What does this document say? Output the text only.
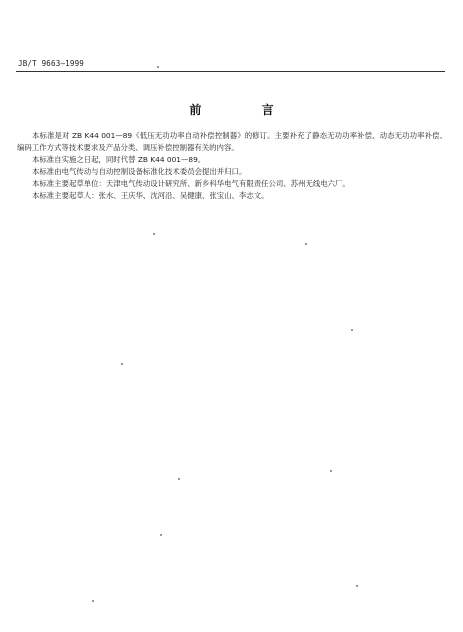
JB/T 9663—1999
前 言

本标准是对 ZB K44 001—89《低压无功功率自动补偿控制器》的修订。主要补充了静态无功功率补偿、动态无功功率补偿、编码工作方式等技术要求及产品分类、调压补偿控制器有关的内容。

本标准自实施之日起，同时代替 ZB K44 001—89。

本标准由电气传动与自动控制设备标准化技术委员会提出并归口。

本标准主要起草单位：天津电气传动设计研究所、新乡科华电气有限责任公司、苏州无线电六厂。

本标准主要起草人：张水、王庆华、沈河沿、吴健康、张宝山、李志文。
